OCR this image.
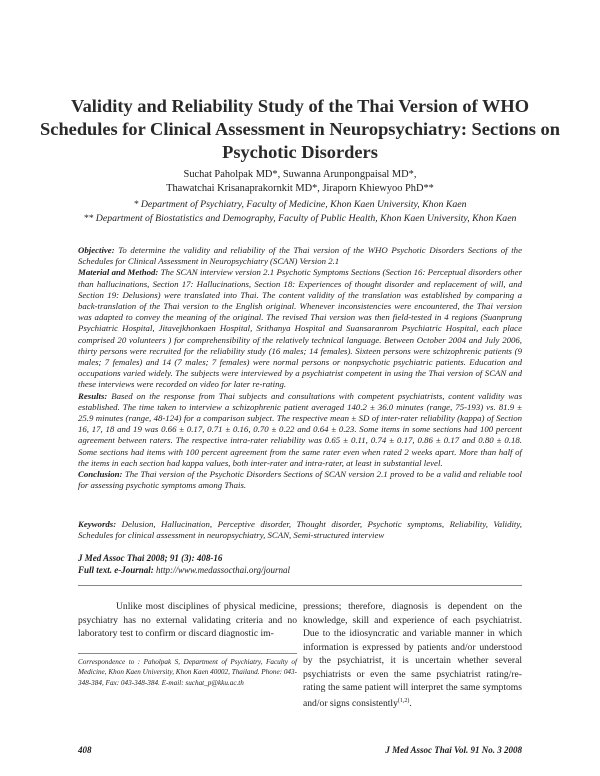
Validity and Reliability Study of the Thai Version of WHO Schedules for Clinical Assessment in Neuropsychiatry: Sections on Psychotic Disorders
Suchat Paholpak MD*, Suwanna Arunpongpaisal MD*,
Thawatchai Krisanaprakornkit MD*, Jiraporn Khiewyoo PhD**
* Department of Psychiatry, Faculty of Medicine, Khon Kaen University, Khon Kaen
** Department of Biostatistics and Demography, Faculty of Public Health, Khon Kaen University, Khon Kaen

Objective: To determine the validity and reliability of the Thai version of the WHO Psychotic Disorders Sections of the Schedules for Clinical Assessment in Neuropsychiatry (SCAN) Version 2.1

Material and Method: The SCAN interview version 2.1 Psychotic Symptoms Sections (Section 16: Perceptual disorders other than hallucinations, Section 17: Hallucinations, Section 18: Experiences of thought disorder and replacement of will, and Section 19: Delusions) were translated into Thai. The content validity of the translation was established by comparing a back-translation of the Thai version to the English original. Whenever inconsistencies were encountered, the Thai version was adapted to convey the meaning of the original. The revised Thai version was then field-tested in 4 regions (Suanprung Psychiatric Hospital, Jitavejkhonkaen Hospital, Srithanya Hospital and Suansaranrom Psychiatric Hospital, each place comprised 20 volunteers ) for comprehensibility of the relatively technical language. Between October 2004 and July 2006, thirty persons were recruited for the reliability study (16 males; 14 females). Sixteen persons were schizophrenic patients (9 males; 7 females) and 14 (7 males; 7 females) were normal persons or nonpsychotic psychiatric patients. Education and occupations varied widely. The subjects were interviewed by a psychiatrist competent in using the Thai version of SCAN and these interviews were recorded on video for later re-rating.

Results: Based on the response from Thai subjects and consultations with competent psychiatrists, content validity was established. The time taken to interview a schizophrenic patient averaged 140.2 ± 36.0 minutes (range, 75-193) vs. 81.9 ± 25.9 minutes (range, 48-124) for a comparison subject. The respective mean ± SD of inter-rater reliability (kappa) of Section 16, 17, 18 and 19 was 0.66 ± 0.17, 0.71 ± 0.16, 0.70 ± 0.22 and 0.64 ± 0.23. Some items in some sections had 100 percent agreement between raters. The respective intra-rater reliability was 0.65 ± 0.11, 0.74 ± 0.17, 0.86 ± 0.17 and 0.80 ± 0.18. Some sections had items with 100 percent agreement from the same rater even when rated 2 weeks apart. More than half of the items in each section had kappa values, both inter-rater and intra-rater, at least in substantial level.

Conclusion: The Thai version of the Psychotic Disorders Sections of SCAN version 2.1 proved to be a valid and reliable tool for assessing psychotic symptoms among Thais.

Keywords: Delusion, Hallucination, Perceptive disorder, Thought disorder, Psychotic symptoms, Reliability, Validity, Schedules for clinical assessment in neuropsychiatry, SCAN, Semi-structured interview

J Med Assoc Thai 2008; 91 (3): 408-16
Full text. e-Journal: http://www.medassocthai.org/journal

Unlike most disciplines of physical medicine, psychiatry has no external validating criteria and no laboratory test to confirm or discard diagnostic im-

pressions; therefore, diagnosis is dependent on the knowledge, skill and experience of each psychiatrist. Due to the idiosyncratic and variable manner in which information is expressed by patients and/or understood by the psychiatrist, it is uncertain whether several psychiatrists or even the same psychiatrist rating/re-rating the same patient will interpret the same symptoms and/or signs consistently$^{(1,2)}$.

Correspondence to : Paholpak S, Department of Psychiatry, Faculty of Medicine, Khon Kaen University, Khon Kaen 40002, Thailand. Phone: 043-348-384, Fax: 043-348-384. E-mail: suchat_p@kku.ac.th

408	J Med Assoc Thai Vol. 91 No. 3 2008
